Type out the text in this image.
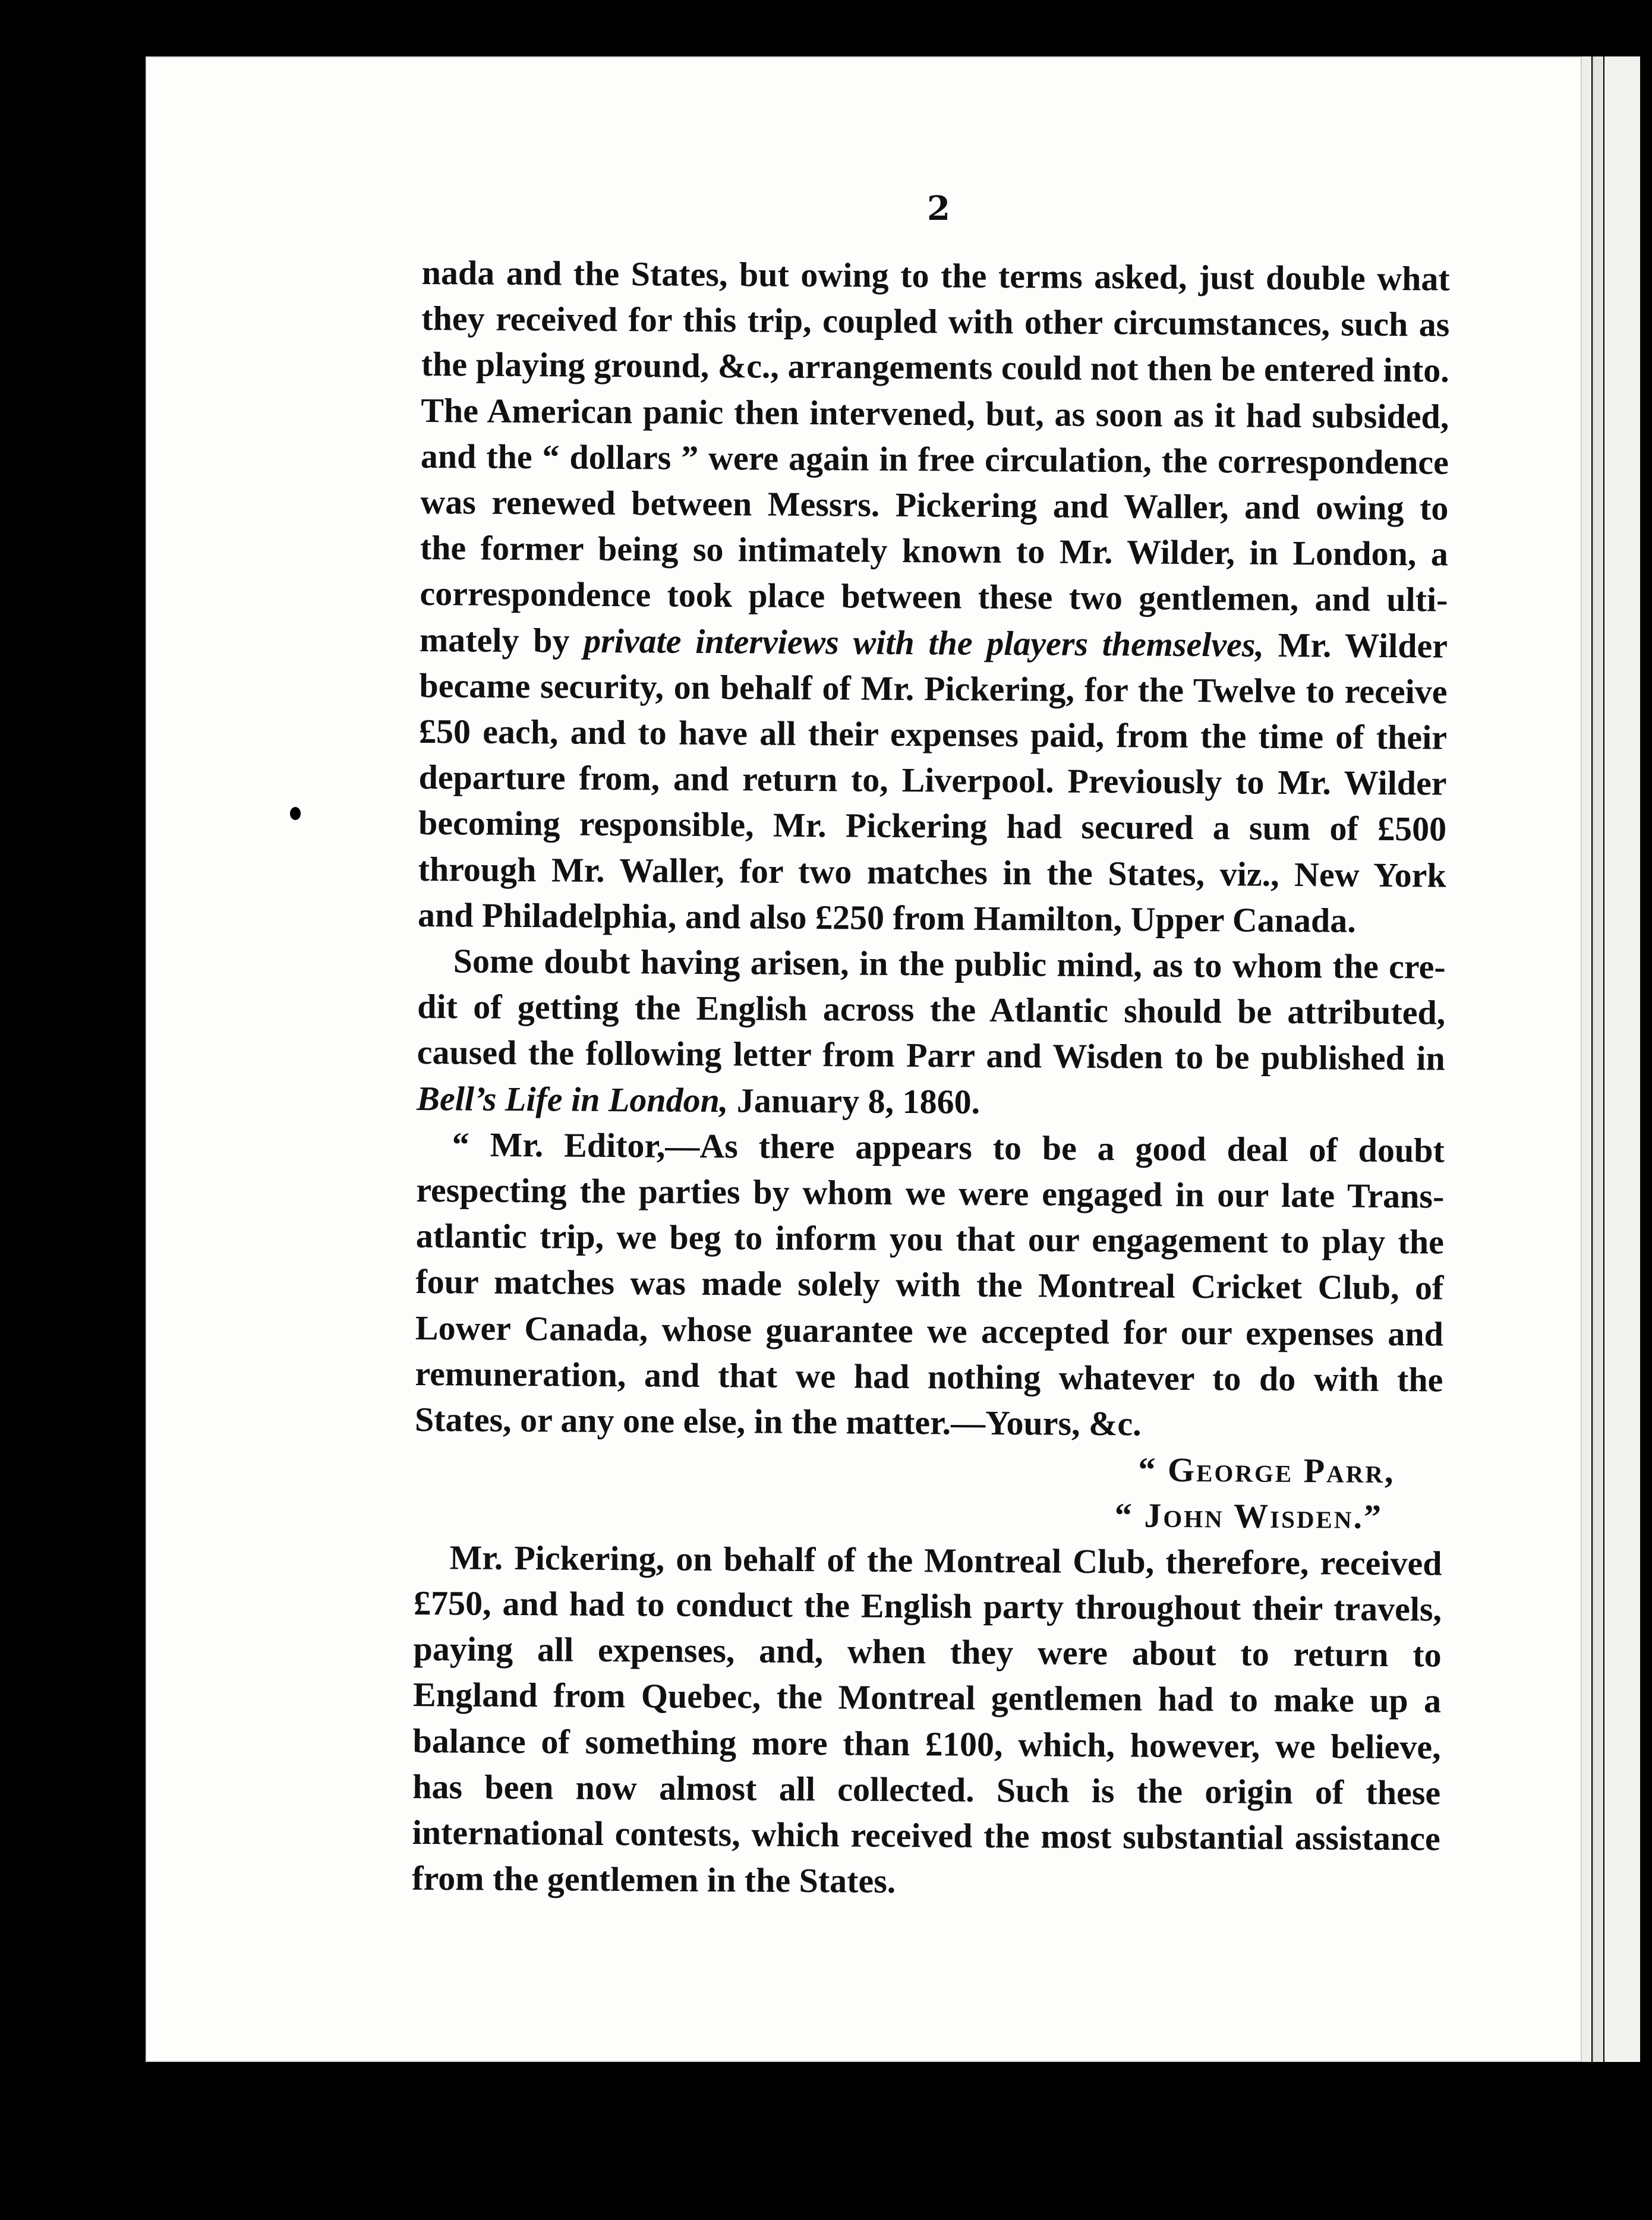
2

nada and the States, but owing to the terms asked, just double what

they received for this trip, coupled with other circumstances, such as

the playing ground, &c., arrangements could not then be entered into.

The American panic then intervened, but, as soon as it had subsided,

and the “ dollars ” were again in free circulation, the correspondence

was renewed between Messrs. Pickering and Waller, and owing to

the former being so intimately known to Mr. Wilder, in London, a

correspondence took place between these two gentlemen, and ulti-

mately by private interviews with the players themselves, Mr. Wilder

became security, on behalf of Mr. Pickering, for the Twelve to receive

£50 each, and to have all their expenses paid, from the time of their

departure from, and return to, Liverpool. Previously to Mr. Wilder

becoming responsible, Mr. Pickering had secured a sum of £500

through Mr. Waller, for two matches in the States, viz., New York

and Philadelphia, and also £250 from Hamilton, Upper Canada.

Some doubt having arisen, in the public mind, as to whom the cre-

dit of getting the English across the Atlantic should be attributed,

caused the following letter from Parr and Wisden to be published in

Bell’s Life in London, January 8, 1860.

“ Mr. Editor,—As there appears to be a good deal of doubt

respecting the parties by whom we were engaged in our late Trans-

atlantic trip, we beg to inform you that our engagement to play the

four matches was made solely with the Montreal Cricket Club, of

Lower Canada, whose guarantee we accepted for our expenses and

remuneration, and that we had nothing whatever to do with the

States, or any one else, in the matter.—Yours, &c.

“ George Parr,

“ John Wisden.”

Mr. Pickering, on behalf of the Montreal Club, therefore, received

£750, and had to conduct the English party throughout their travels,

paying all expenses, and, when they were about to return to

England from Quebec, the Montreal gentlemen had to make up a

balance of something more than £100, which, however, we believe,

has been now almost all collected. Such is the origin of these

international contests, which received the most substantial assistance

from the gentlemen in the States.
